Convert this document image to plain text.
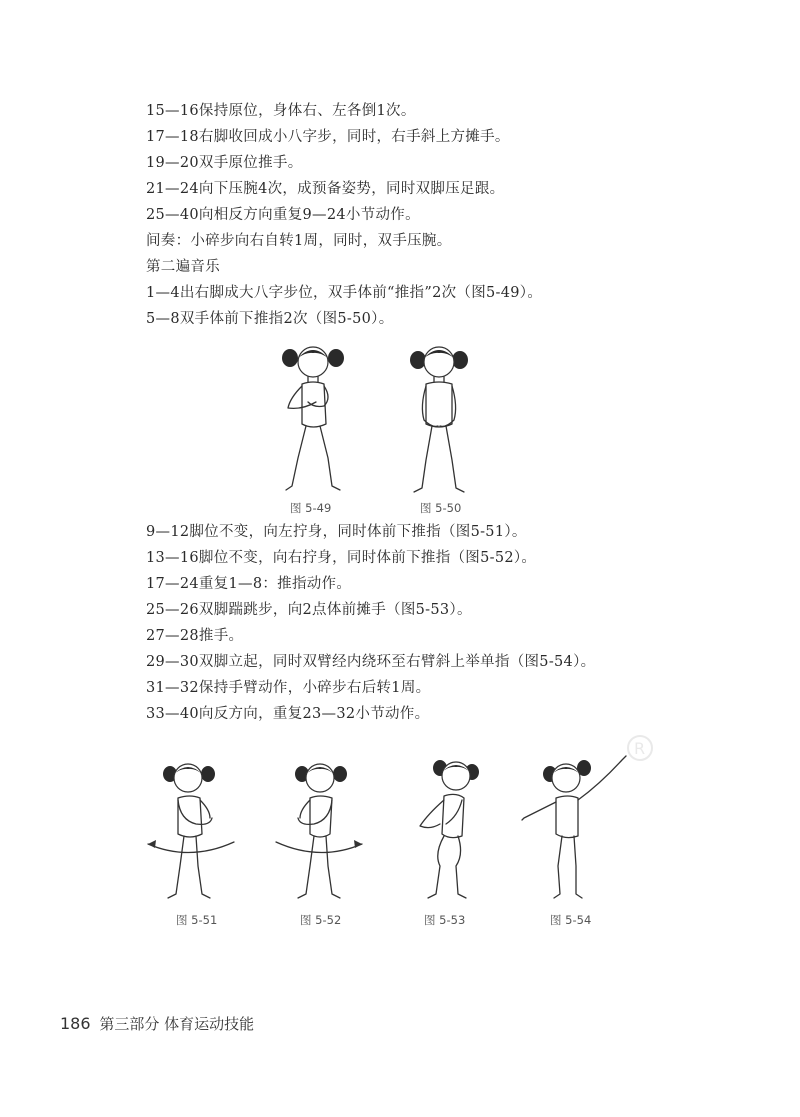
15—16保持原位，身体右、左各倒1次。
17—18右脚收回成小八字步，同时，右手斜上方摊手。
19—20双手原位推手。
21—24向下压腕4次，成预备姿势，同时双脚压足跟。
25—40向相反方向重复9—24小节动作。
间奏：小碎步向右自转1周，同时，双手压腕。
第二遍音乐
1—4出右脚成大八字步位，双手体前“推指”2次（图5-49）。
5—8双手体前下推指2次（图5-50）。
图 5-49	图 5-50
9—12脚位不变，向左拧身，同时体前下推指（图5-51）。
13—16脚位不变，向右拧身，同时体前下推指（图5-52）。
17—24重复1—8：推指动作。
25—26双脚踹跳步，向2点体前摊手（图5-53）。
27—28推手。
29—30双脚立起，同时双臂经内绕环至右臂斜上举单指（图5-54）。
31—32保持手臂动作，小碎步右后转1周。
33—40向反方向，重复23—32小节动作。
R
图 5-51	图 5-52	图 5-53	图 5-54
186 第三部分 体育运动技能
